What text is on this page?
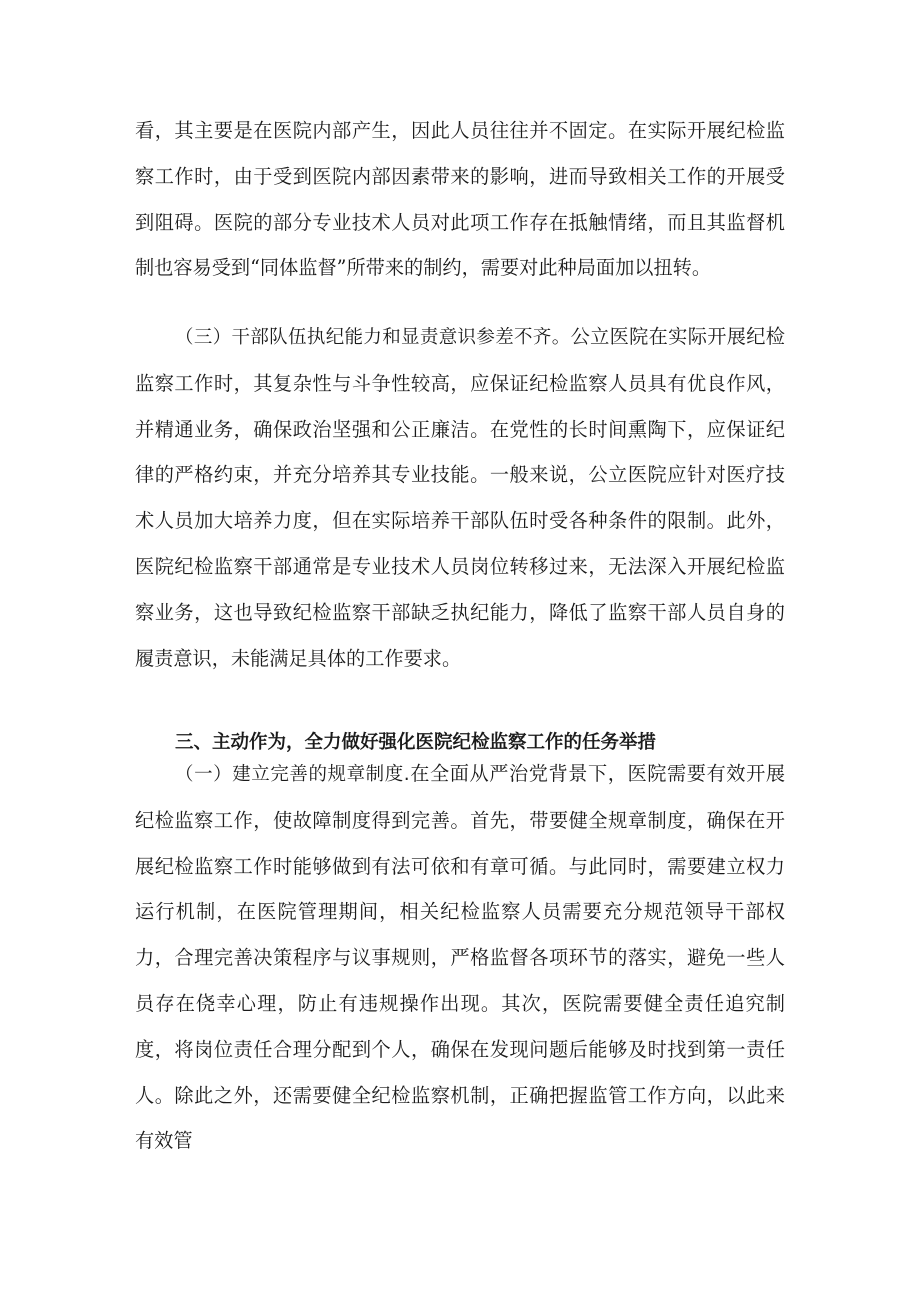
看，其主要是在医院内部产生，因此人员往往并不固定。在实际开展纪检监察工作时，由于受到医院内部因素带来的影响，进而导致相关工作的开展受到阻碍。医院的部分专业技术人员对此项工作存在抵触情绪，而且其监督机制也容易受到“同体监督”所带来的制约，需要对此种局面加以扭转。

（三）干部队伍执纪能力和显责意识参差不齐。公立医院在实际开展纪检监察工作时，其复杂性与斗争性较高，应保证纪检监察人员具有优良作风，并精通业务，确保政治坚强和公正廉洁。在党性的长时间熏陶下，应保证纪律的严格约束，并充分培养其专业技能。一般来说，公立医院应针对医疗技术人员加大培养力度，但在实际培养干部队伍时受各种条件的限制。此外，医院纪检监察干部通常是专业技术人员岗位转移过来，无法深入开展纪检监察业务，这也导致纪检监察干部缺乏执纪能力，降低了监察干部人员自身的履责意识，未能满足具体的工作要求。

三、主动作为，全力做好强化医院纪检监察工作的任务举措

（一）建立完善的规章制度.在全面从严治党背景下，医院需要有效开展纪检监察工作，使故障制度得到完善。首先，带要健全规章制度，确保在开展纪检监察工作时能够做到有法可依和有章可循。与此同时，需要建立权力运行机制，在医院管理期间，相关纪检监察人员需要充分规范领导干部权力，合理完善决策程序与议事规则，严格监督各项环节的落实，避免一些人员存在侥幸心理，防止有违规操作出现。其次，医院需要健全责任追究制度，将岗位责任合理分配到个人，确保在发现问题后能够及时找到第一责任人。除此之外，还需要健全纪检监察机制，正确把握监管工作方向，以此来有效管
